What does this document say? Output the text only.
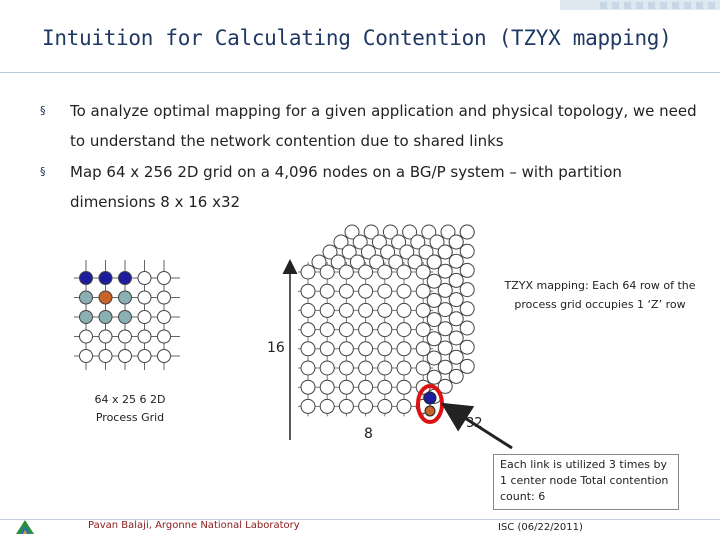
Intuition for Calculating Contention (TZYX mapping)
§ To analyze optimal mapping for a given application and physical topology, we need to understand the network contention due to shared links
§ Map 64 x 256 2D grid on a 4,096 nodes on a BG/P system – with partition dimensions 8 x 16 x32
16
8
32
64 x 25 6 2D Process Grid
TZYX mapping: Each 64 row of the process grid occupies 1 ‘Z’ row
Each link is utilized 3 times by 1 center node Total contention count: 6
Pavan Balaji, Argonne National Laboratory	ISC (06/22/2011)
